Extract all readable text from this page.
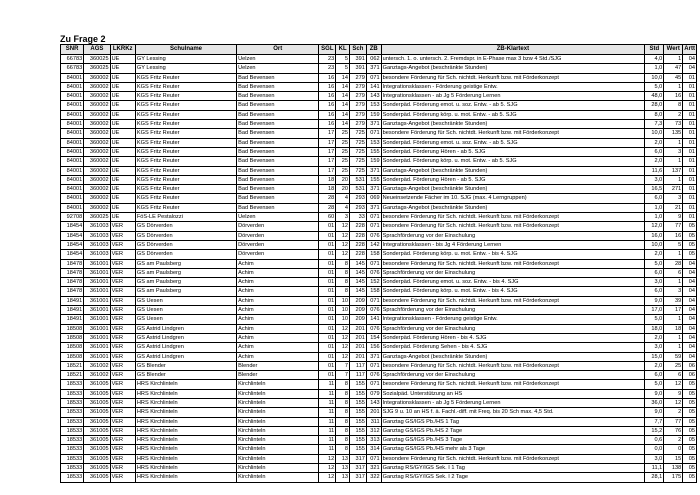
Zu Frage 2
SNR	AGS	LKRKz	Schulname	Ort	SGL	KL	Sch	ZB	ZB-Klartext	Std	Wert	Artt
66783	360025	UE	GY Lessing	Uelzen	23	5	391	062	untersch. 1. o. untersch. 2. Fremdspr. in E-Phase max 3 bzw 4 Std./SJG	4,0	1	04
66783	360025	UE	GY Lessing	Uelzen	23	5	391	371	Ganztags-Angebot (beschränkte Stunden)	1,0	47	04
84001	360002	UE	KGS Fritz Reuter	Bad Bevensen	16	14	279	071	besondere Förderung für Sch. nichtdt. Herkunft bzw. mit Förderkonzept	10,0	45	01
84001	360002	UE	KGS Fritz Reuter	Bad Bevensen	16	14	279	141	Integrationsklassen - Förderung geistige Entw.	5,0	1	01
84001	360002	UE	KGS Fritz Reuter	Bad Bevensen	16	14	279	143	Integrationsklassen - ab Jg 5 Förderung Lernen	48,0	16	01
84001	360002	UE	KGS Fritz Reuter	Bad Bevensen	16	14	279	153	Sonderpäd. Förderung emot. u. soz. Entw. - ab 5. SJG	28,0	8	01
84001	360002	UE	KGS Fritz Reuter	Bad Bevensen	16	14	279	159	Sonderpäd. Förderung körp. u. mot. Entw. - ab 5. SJG	8,0	2	01
84001	360002	UE	KGS Fritz Reuter	Bad Bevensen	16	14	279	371	Ganztags-Angebot (beschränkte Stunden)	7,3	73	01
84001	360002	UE	KGS Fritz Reuter	Bad Bevensen	17	25	725	071	besondere Förderung für Sch. nichtdt. Herkunft bzw. mit Förderkonzept	10,0	135	01
84001	360002	UE	KGS Fritz Reuter	Bad Bevensen	17	25	725	153	Sonderpäd. Förderung emot. u. soz. Entw. - ab 5. SJG	2,0	1	01
84001	360002	UE	KGS Fritz Reuter	Bad Bevensen	17	25	725	155	Sonderpäd. Förderung Hören - ab 5. SJG	6,0	3	01
84001	360002	UE	KGS Fritz Reuter	Bad Bevensen	17	25	725	159	Sonderpäd. Förderung körp. u. mot. Entw. - ab 5. SJG	2,0	1	01
84001	360002	UE	KGS Fritz Reuter	Bad Bevensen	17	25	725	371	Ganztags-Angebot (beschränkte Stunden)	11,6	137	01
84001	360002	UE	KGS Fritz Reuter	Bad Bevensen	18	20	531	155	Sonderpäd. Förderung Hören - ab 5. SJG	3,0	1	01
84001	360002	UE	KGS Fritz Reuter	Bad Bevensen	18	20	531	371	Ganztags-Angebot (beschränkte Stunden)	16,5	271	01
84001	360002	UE	KGS Fritz Reuter	Bad Bevensen	28	4	293	069	Neueinsetzende Fächer im 10. SJG (max. 4 Lerngruppen)	6,0	3	01
84001	360002	UE	KGS Fritz Reuter	Bad Bevensen	28	4	293	371	Ganztags-Angebot (beschränkte Stunden)	1,0	21	01
92708	360025	UE	FöS-LE Pestalozzi	Uelzen	60	3	33	071	besondere Förderung für Sch. nichtdt. Herkunft bzw. mit Förderkonzept	1,0	9	01
18454	361003	VER	GS Dörverden	Dörverden	01	12	228	071	besondere Förderung für Sch. nichtdt. Herkunft bzw. mit Förderkonzept	12,0	77	05
18454	361003	VER	GS Dörverden	Dörverden	01	12	228	076	Sprachförderung vor der Einschulung	16,0	16	05
18454	361003	VER	GS Dörverden	Dörverden	01	12	228	142	Integrationsklassen - bis Jg 4 Förderung Lernen	10,0	5	05
18454	361003	VER	GS Dörverden	Dörverden	01	12	228	158	Sonderpäd. Förderung körp. u. mot. Entw. - bis 4. SJG	2,0	1	05
18478	361001	VER	GS am Paulsberg	Achim	01	8	145	071	besondere Förderung für Sch. nichtdt. Herkunft bzw. mit Förderkonzept	5,0	28	04
18478	361001	VER	GS am Paulsberg	Achim	01	8	145	076	Sprachförderung vor der Einschulung	6,0	6	04
18478	361001	VER	GS am Paulsberg	Achim	01	8	145	152	Sonderpäd. Förderung emot. u. soz. Entw. - bis 4. SJG	3,0	1	04
18478	361001	VER	GS am Paulsberg	Achim	01	8	145	158	Sonderpäd. Förderung körp. u. mot. Entw. - bis 4. SJG	6,0	3	04
18491	361001	VER	GS Uesen	Achim	01	10	209	071	besondere Förderung für Sch. nichtdt. Herkunft bzw. mit Förderkonzept	9,0	39	04
18491	361001	VER	GS Uesen	Achim	01	10	209	076	Sprachförderung vor der Einschulung	17,0	17	04
18491	361001	VER	GS Uesen	Achim	01	10	209	141	Integrationsklassen - Förderung geistige Entw.	5,0	1	04
18508	361001	VER	GS Astrid Lindgren	Achim	01	12	201	076	Sprachförderung vor der Einschulung	18,0	18	04
18508	361001	VER	GS Astrid Lindgren	Achim	01	12	201	154	Sonderpäd. Förderung Hören - bis 4. SJG	2,0	1	04
18508	361001	VER	GS Astrid Lindgren	Achim	01	12	201	156	Sonderpäd. Förderung Sehen - bis 4. SJG	3,0	1	04
18508	361001	VER	GS Astrid Lindgren	Achim	01	12	201	371	Ganztags-Angebot (beschränkte Stunden)	15,0	59	04
18521	361002	VER	GS Blender	Blender	01	7	117	071	besondere Förderung für Sch. nichtdt. Herkunft bzw. mit Förderkonzept	2,0	25	06
18521	361002	VER	GS Blender	Blender	01	7	117	076	Sprachförderung vor der Einschulung	6,0	6	06
18533	361005	VER	HRS Kirchlinteln	Kirchlinteln	11	8	155	071	besondere Förderung für Sch. nichtdt. Herkunft bzw. mit Förderkonzept	5,0	12	05
18533	361005	VER	HRS Kirchlinteln	Kirchlinteln	11	8	155	079	Sozialpäd. Unterstützung an HS	9,0	9	05
18533	361005	VER	HRS Kirchlinteln	Kirchlinteln	11	8	155	143	Integrationsklassen - ab Jg 5 Förderung Lernen	36,0	12	05
18533	361005	VER	HRS Kirchlinteln	Kirchlinteln	11	8	155	201	SJG 9 u. 10 an HS f. ä. Fachl.-diff. mit Freq. bis 20 Sch max. 4,5 Std.	9,0	2	05
18533	361005	VER	HRS Kirchlinteln	Kirchlinteln	11	8	155	311	Ganztag GS/IGS Pb./HS 1 Tag	7,7	77	05
18533	361005	VER	HRS Kirchlinteln	Kirchlinteln	11	8	155	312	Ganztag GS/IGS Pb./HS 2 Tage	15,2	76	05
18533	361005	VER	HRS Kirchlinteln	Kirchlinteln	11	8	155	313	Ganztag GS/IGS Pb./HS 3 Tage	0,6	2	05
18533	361005	VER	HRS Kirchlinteln	Kirchlinteln	11	8	155	314	Ganztag GS/IGS Pb./HS mehr als 3 Tage	0,0	0	05
18533	361005	VER	HRS Kirchlinteln	Kirchlinteln	12	13	317	071	besondere Förderung für Sch. nichtdt. Herkunft bzw. mit Förderkonzept	3,0	15	05
18533	361005	VER	HRS Kirchlinteln	Kirchlinteln	12	13	317	321	Ganztag RS/GY/IGS Sek. I 1 Tag	11,1	138	05
18533	361005	VER	HRS Kirchlinteln	Kirchlinteln	12	13	317	322	Ganztag RS/GY/IGS Sek. I 2 Tage	28,1	175	05
